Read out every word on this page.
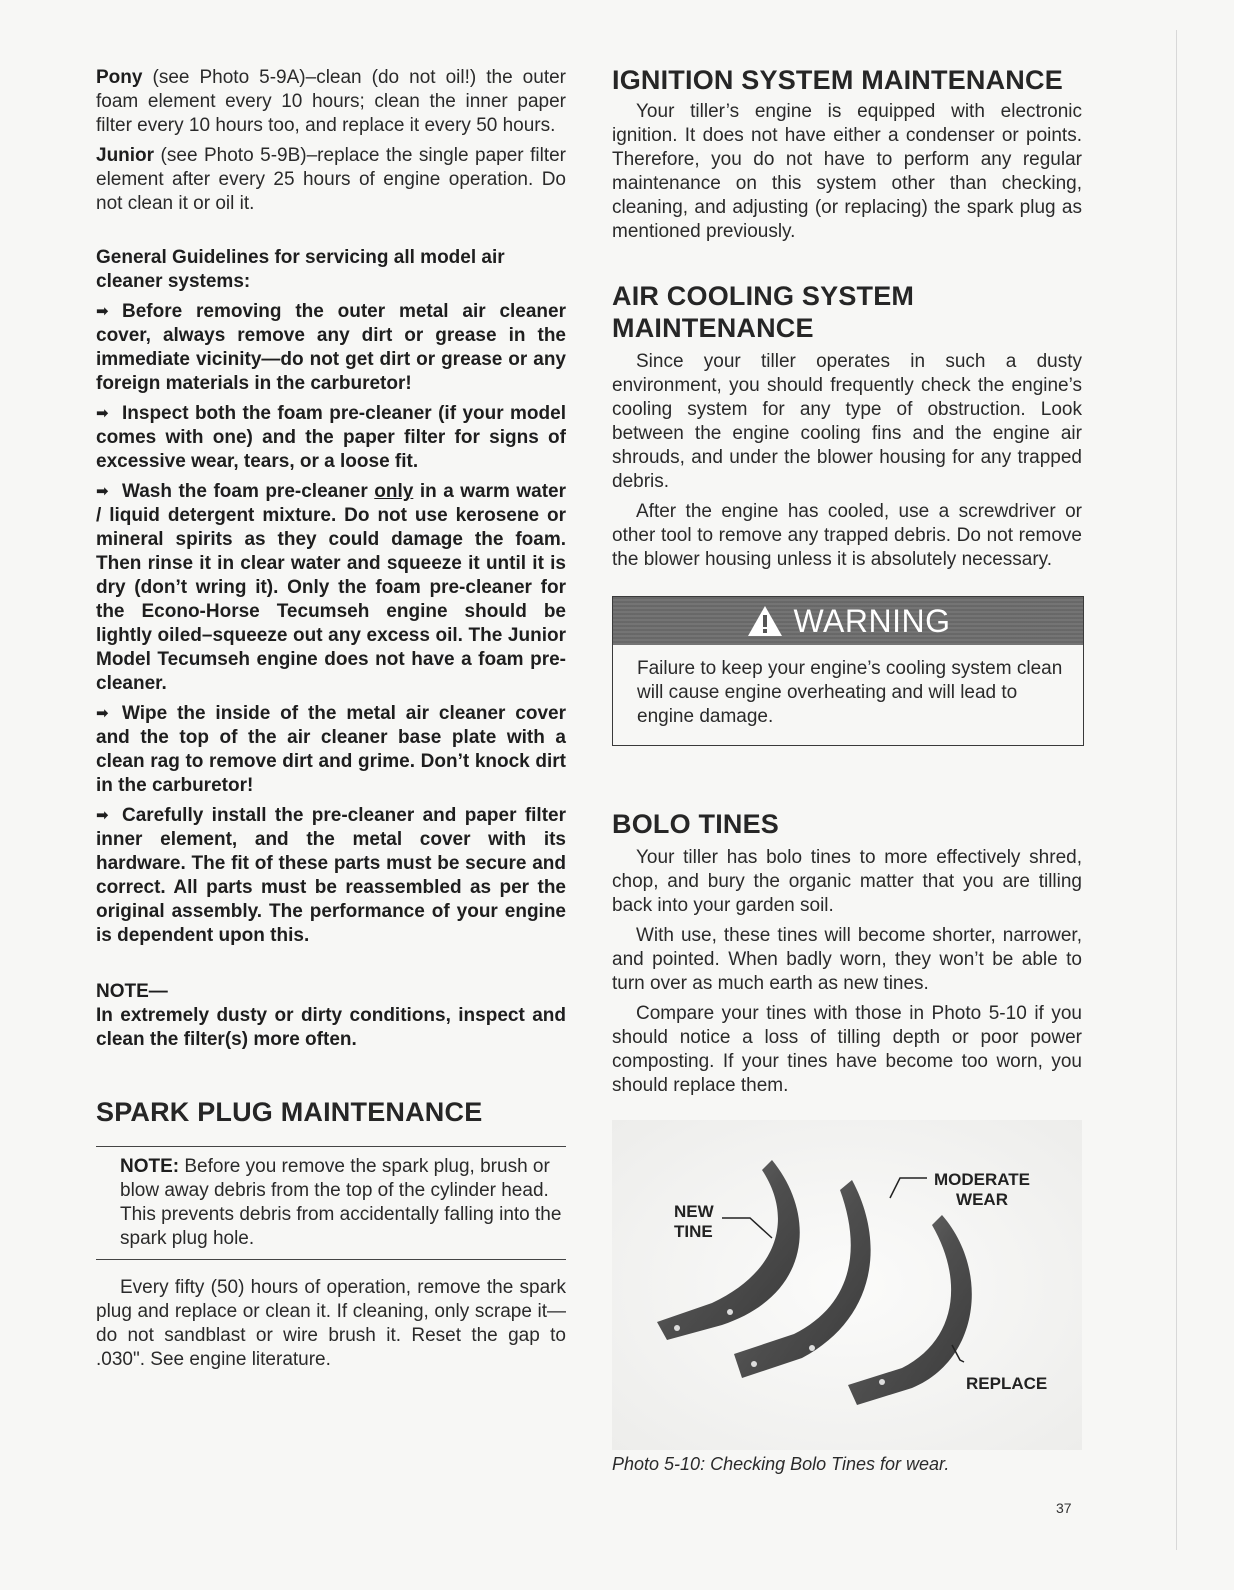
Pony (see Photo 5-9A)–clean (do not oil!) the outer foam element every 10 hours; clean the inner paper filter every 10 hours too, and replace it every 50 hours.

Junior (see Photo 5-9B)–replace the single paper filter element after every 25 hours of engine operation. Do not clean it or oil it.

General Guidelines for servicing all model air cleaner systems:

➡ Before removing the outer metal air cleaner cover, always remove any dirt or grease in the immediate vicinity—do not get dirt or grease or any foreign materials in the carburetor!

➡ Inspect both the foam pre-cleaner (if your model comes with one) and the paper filter for signs of excessive wear, tears, or a loose fit.

➡ Wash the foam pre-cleaner only in a warm water / liquid detergent mixture. Do not use kerosene or mineral spirits as they could damage the foam. Then rinse it in clear water and squeeze it until it is dry (don’t wring it). Only the foam pre-cleaner for the Econo-Horse Tecumseh engine should be lightly oiled–squeeze out any excess oil. The Junior Model Tecumseh engine does not have a foam pre-cleaner.

➡ Wipe the inside of the metal air cleaner cover and the top of the air cleaner base plate with a clean rag to remove dirt and grime. Don’t knock dirt in the carburetor!

➡ Carefully install the pre-cleaner and paper filter inner element, and the metal cover with its hardware. The fit of these parts must be secure and correct. All parts must be reassembled as per the original assembly. The performance of your engine is dependent upon this.

NOTE—

In extremely dusty or dirty conditions, inspect and clean the filter(s) more often.

SPARK PLUG MAINTENANCE

NOTE: Before you remove the spark plug, brush or blow away debris from the top of the cylinder head. This prevents debris from accidentally falling into the spark plug hole.

Every fifty (50) hours of operation, remove the spark plug and replace or clean it. If cleaning, only scrape it—do not sandblast or wire brush it. Reset the gap to .030". See engine literature.

IGNITION SYSTEM MAINTENANCE

Your tiller’s engine is equipped with electronic ignition. It does not have either a condenser or points. Therefore, you do not have to perform any regular maintenance on this system other than checking, cleaning, and adjusting (or replacing) the spark plug as mentioned previously.

AIR COOLING SYSTEM MAINTENANCE

Since your tiller operates in such a dusty environment, you should frequently check the engine’s cooling system for any type of obstruction. Look between the engine cooling fins and the engine air shrouds, and under the blower housing for any trapped debris.

After the engine has cooled, use a screwdriver or other tool to remove any trapped debris. Do not remove the blower housing unless it is absolutely necessary.

WARNING

Failure to keep your engine’s cooling system clean will cause engine overheating and will lead to engine damage.

BOLO TINES

Your tiller has bolo tines to more effectively shred, chop, and bury the organic matter that you are tilling back into your garden soil.

With use, these tines will become shorter, narrower, and pointed. When badly worn, they won’t be able to turn over as much earth as new tines.

Compare your tines with those in Photo 5-10 if you should notice a loss of tilling depth or poor power composting. If your tines have become too worn, you should replace them.

NEW
TINE
MODERATE
WEAR
REPLACE

Photo 5-10: Checking Bolo Tines for wear.

37
